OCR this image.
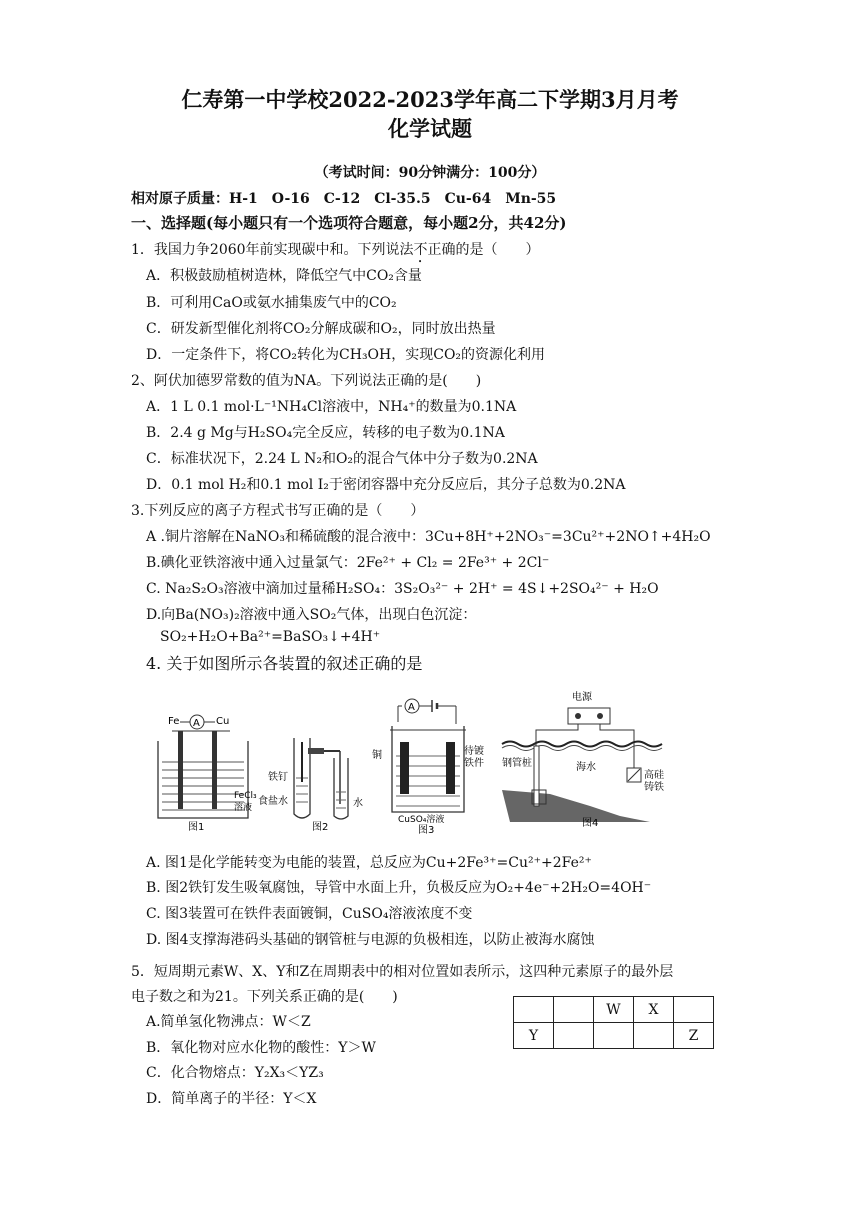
仁寿第一中学校2022-2023学年高二下学期3月月考
化学试题
（考试时间：90分钟满分：100分）
相对原子质量：H-1　O-16　C-12　Cl-35.5　Cu-64　Mn-55
一、选择题(每小题只有一个选项符合题意，每小题2分，共42分)
1．我国力争2060年前实现碳中和。下列说法不正确的是（　　）
A．积极鼓励植树造林，降低空气中CO₂含量
B．可利用CaO或氨水捕集废气中的CO₂
C．研发新型催化剂将CO₂分解成碳和O₂，同时放出热量
D．一定条件下，将CO₂转化为CH₃OH，实现CO₂的资源化利用
2、阿伏加德罗常数的值为NA。下列说法正确的是(　　)
A．1 L 0.1 mol·L⁻¹NH₄Cl溶液中，NH₄⁺的数量为0.1NA
B．2.4 g Mg与H₂SO₄完全反应，转移的电子数为0.1NA
C．标准状况下，2.24 L N₂和O₂的混合气体中分子数为0.2NA
D．0.1 mol H₂和0.1 mol I₂于密闭容器中充分反应后，其分子总数为0.2NA
3.下列反应的离子方程式书写正确的是（　　）
A .铜片溶解在NaNO₃和稀硫酸的混合液中：3Cu+8H⁺+2NO₃⁻=3Cu²⁺+2NO↑+4H₂O
B.碘化亚铁溶液中通入过量氯气：2Fe²⁺ + Cl₂ = 2Fe³⁺ + 2Cl⁻
C. Na₂S₂O₃溶液中滴加过量稀H₂SO₄：3S₂O₃²⁻ + 2H⁺ = 4S↓+2SO₄²⁻ + H₂O
D.向Ba(NO₃)₂溶液中通入SO₂气体，出现白色沉淀：
SO₂+H₂O+Ba²⁺=BaSO₃↓+4H⁺
4. 关于如图所示各装置的叙述正确的是
A
Fe	Cu
FeCl₃
溶液
图1
铁钉
食盐水	水
图2
A
铜	待镀
铁件
CuSO₄溶液
图3
电源
钢管桩	海水
高硅
铸铁
图4
A. 图1是化学能转变为电能的装置，总反应为Cu+2Fe³⁺=Cu²⁺+2Fe²⁺
B. 图2铁钉发生吸氧腐蚀，导管中水面上升，负极反应为O₂+4e⁻+2H₂O=4OH⁻
C. 图3装置可在铁件表面镀铜，CuSO₄溶液浓度不变
D. 图4支撑海港码头基础的钢管桩与电源的负极相连，以防止被海水腐蚀
5．短周期元素W、X、Y和Z在周期表中的相对位置如表所示，这四种元素原子的最外层
电子数之和为21。下列关系正确的是(　　)
		W	X	
Y				Z
A.简单氢化物沸点：W＜Z
B．氧化物对应水化物的酸性：Y＞W
C．化合物熔点：Y₂X₃＜YZ₃
D．简单离子的半径：Y＜X
